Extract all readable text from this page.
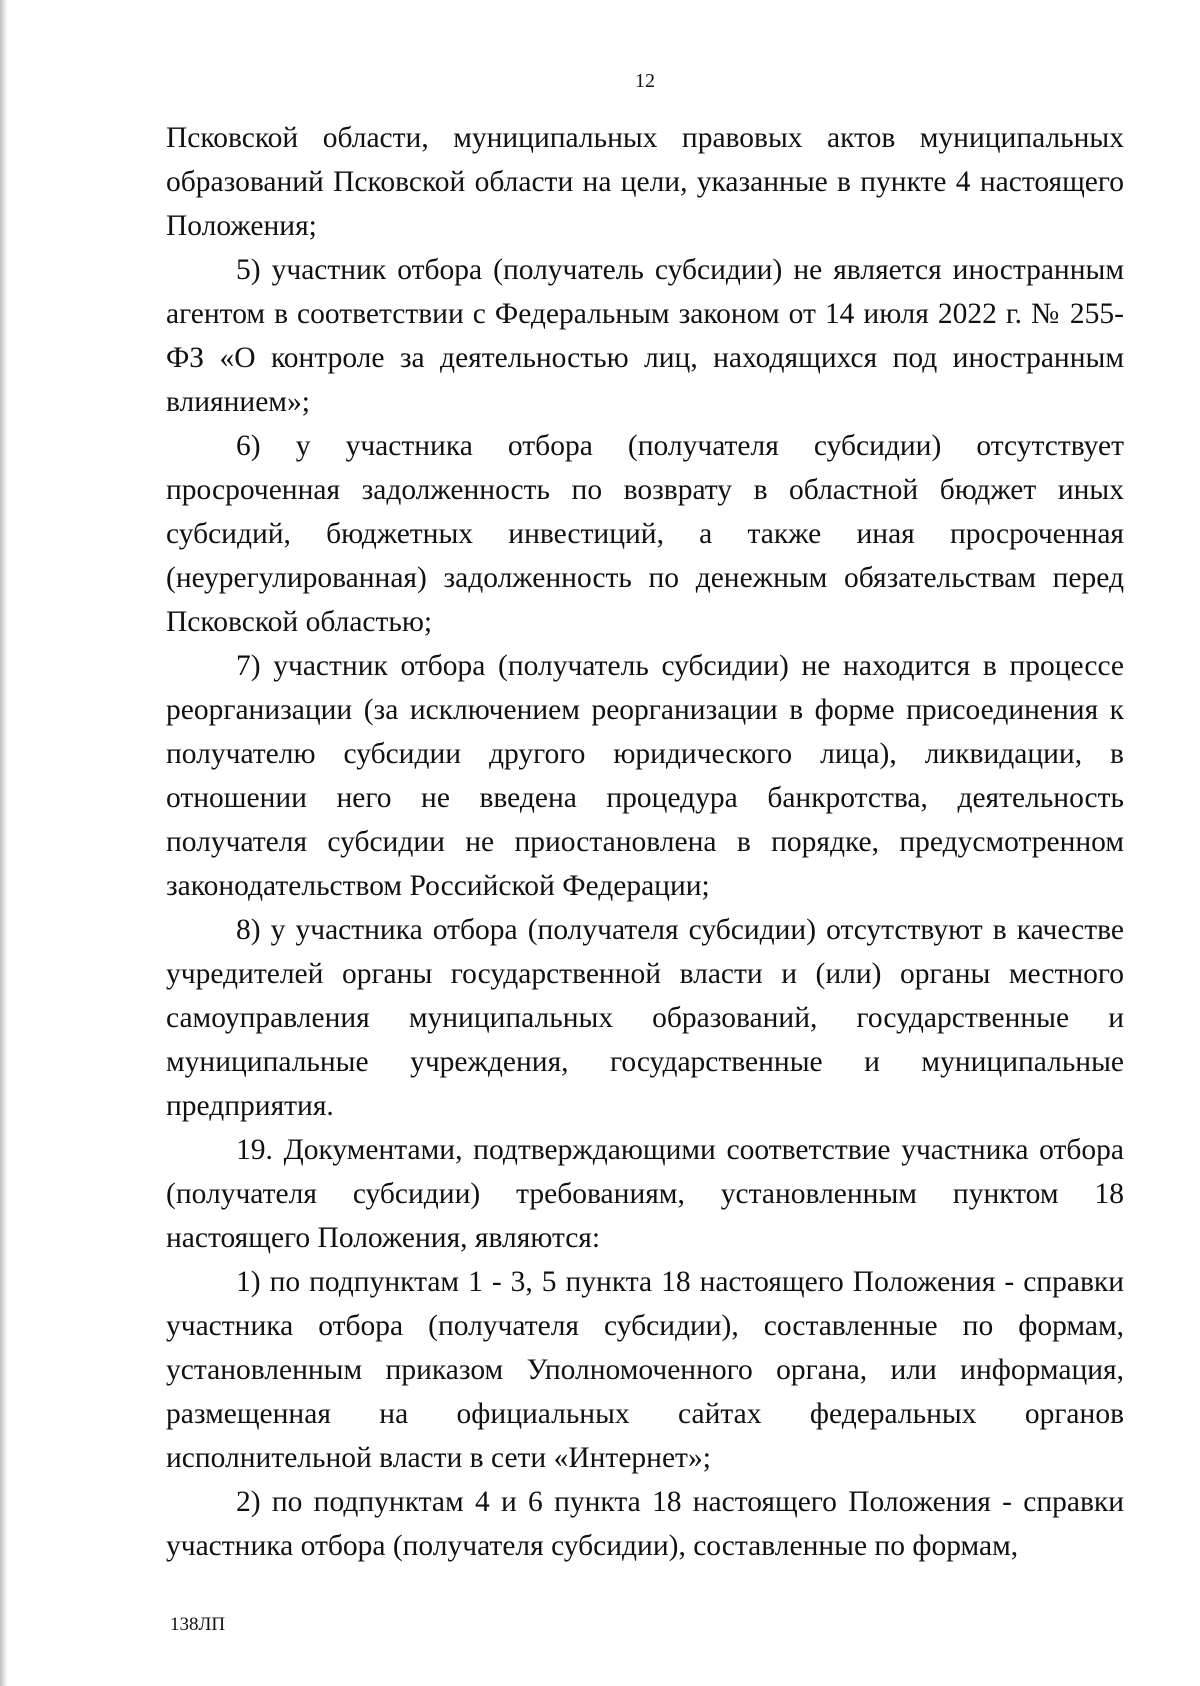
12

Псковской области, муниципальных правовых актов муниципальных образований Псковской области на цели, указанные в пункте 4 настоящего Положения;

5) участник отбора (получатель субсидии) не является иностранным агентом в соответствии с Федеральным законом от 14 июля 2022 г. № 255-ФЗ «О контроле за деятельностью лиц, находящихся под иностранным влиянием»;

6) у участника отбора (получателя субсидии) отсутствует просроченная задолженность по возврату в областной бюджет иных субсидий, бюджетных инвестиций, а также иная просроченная (неурегулированная) задолженность по денежным обязательствам перед Псковской областью;

7) участник отбора (получатель субсидии) не находится в процессе реорганизации (за исключением реорганизации в форме присоединения к получателю субсидии другого юридического лица), ликвидации, в отношении него не введена процедура банкротства, деятельность получателя субсидии не приостановлена в порядке, предусмотренном законодательством Российской Федерации;

8) у участника отбора (получателя субсидии) отсутствуют в качестве учредителей органы государственной власти и (или) органы местного самоуправления муниципальных образований, государственные и муниципальные учреждения, государственные и муниципальные предприятия.

19. Документами, подтверждающими соответствие участника отбора (получателя субсидии) требованиям, установленным пунктом 18 настоящего Положения, являются:

1) по подпунктам 1 - 3, 5 пункта 18 настоящего Положения - справки участника отбора (получателя субсидии), составленные по формам, установленным приказом Уполномоченного органа, или информация, размещенная на официальных сайтах федеральных органов исполнительной власти в сети «Интернет»;

2) по подпунктам 4 и 6 пункта 18 настоящего Положения - справки участника отбора (получателя субсидии), составленные по формам,

138ЛП
